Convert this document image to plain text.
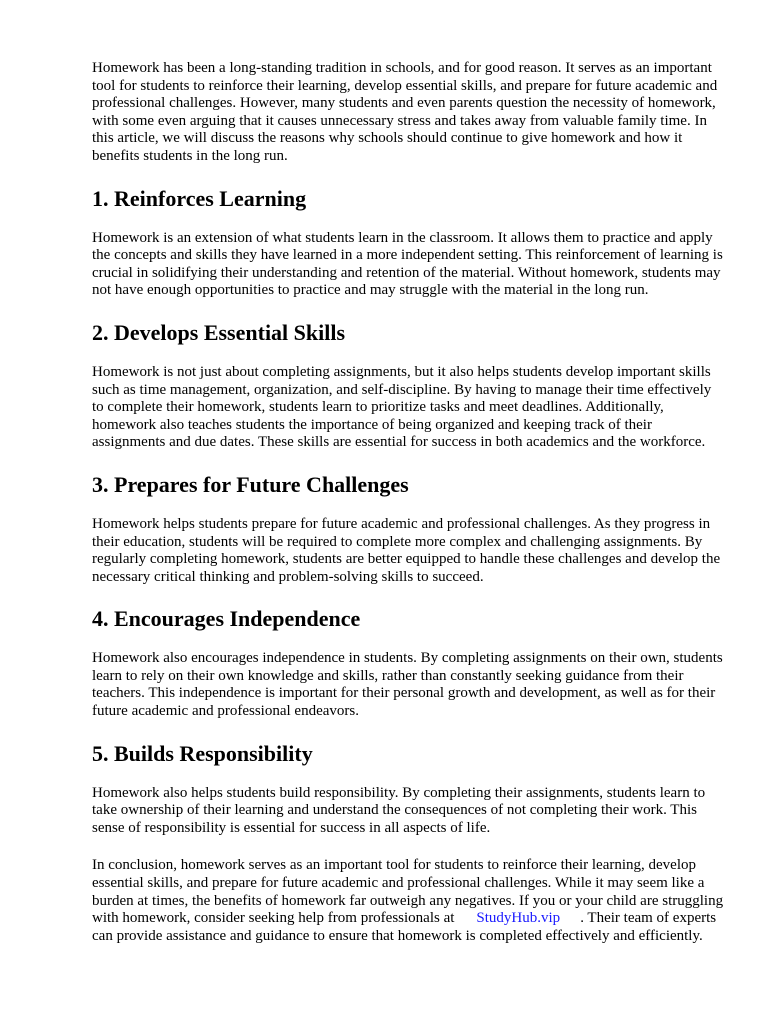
Homework has been a long-standing tradition in schools, and for good reason. It serves as an important tool for students to reinforce their learning, develop essential skills, and prepare for future academic and professional challenges. However, many students and even parents question the necessity of homework, with some even arguing that it causes unnecessary stress and takes away from valuable family time. In this article, we will discuss the reasons why schools should continue to give homework and how it benefits students in the long run.

1. Reinforces Learning

Homework is an extension of what students learn in the classroom. It allows them to practice and apply the concepts and skills they have learned in a more independent setting. This reinforcement of learning is crucial in solidifying their understanding and retention of the material. Without homework, students may not have enough opportunities to practice and may struggle with the material in the long run.

2. Develops Essential Skills

Homework is not just about completing assignments, but it also helps students develop important skills such as time management, organization, and self-discipline. By having to manage their time effectively to complete their homework, students learn to prioritize tasks and meet deadlines. Additionally, homework also teaches students the importance of being organized and keeping track of their assignments and due dates. These skills are essential for success in both academics and the workforce.

3. Prepares for Future Challenges

Homework helps students prepare for future academic and professional challenges. As they progress in their education, students will be required to complete more complex and challenging assignments. By regularly completing homework, students are better equipped to handle these challenges and develop the necessary critical thinking and problem-solving skills to succeed.

4. Encourages Independence

Homework also encourages independence in students. By completing assignments on their own, students learn to rely on their own knowledge and skills, rather than constantly seeking guidance from their teachers. This independence is important for their personal growth and development, as well as for their future academic and professional endeavors.

5. Builds Responsibility

Homework also helps students build responsibility. By completing their assignments, students learn to take ownership of their learning and understand the consequences of not completing their work. This sense of responsibility is essential for success in all aspects of life.

In conclusion, homework serves as an important tool for students to reinforce their learning, develop essential skills, and prepare for future academic and professional challenges. While it may seem like a burden at times, the benefits of homework far outweigh any negatives. If you or your child are struggling with homework, consider seeking help from professionals at StudyHub.vip . Their team of experts can provide assistance and guidance to ensure that homework is completed effectively and efficiently.
